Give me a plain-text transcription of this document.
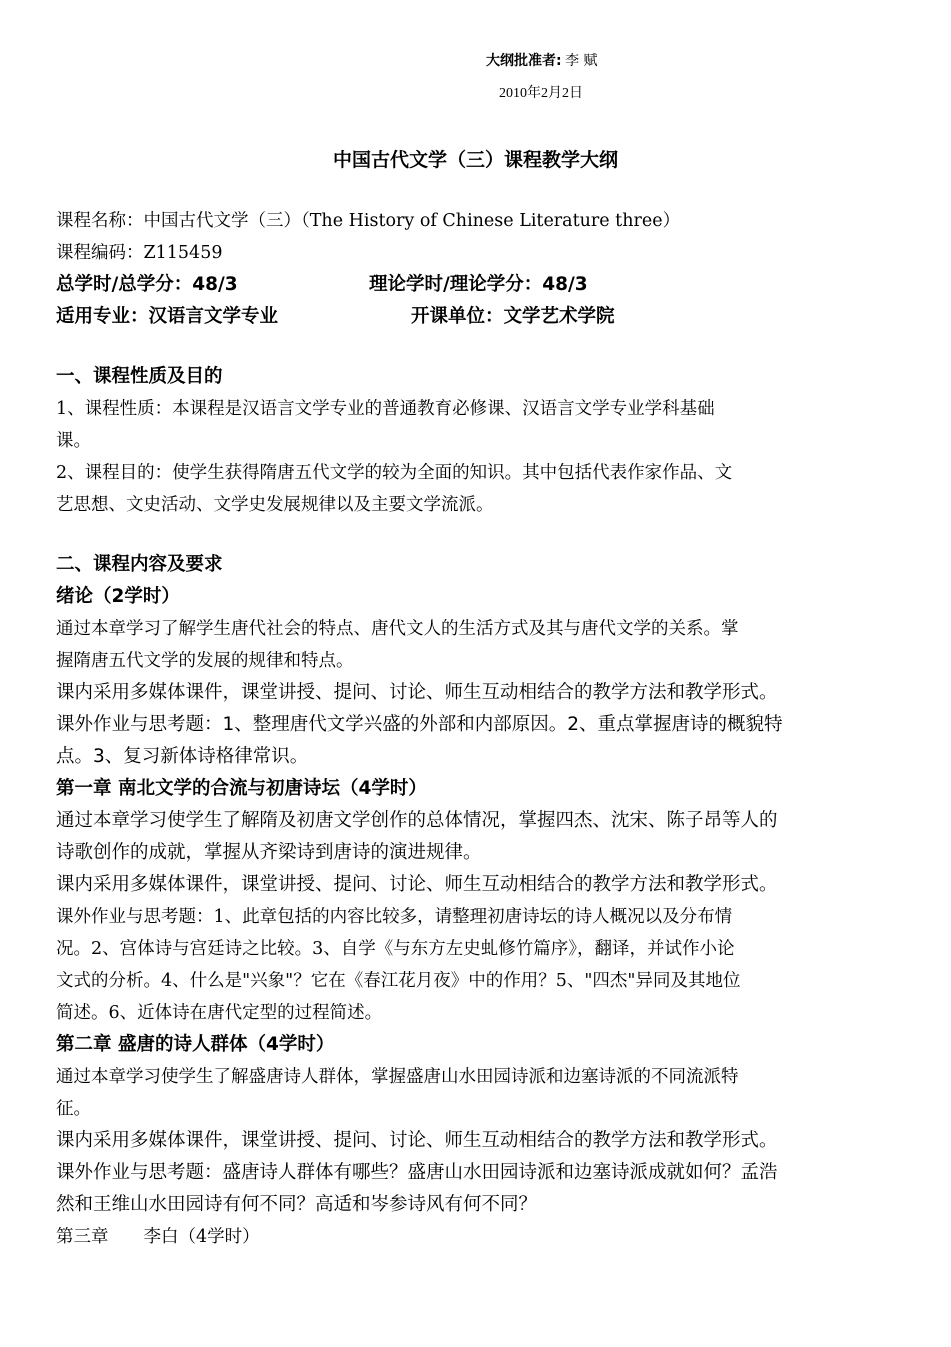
大纲批准者: 李 赋
2010年2月2日
中国古代文学（三）课程教学大纲
课程名称：中国古代文学（三）（The History of Chinese Literature three）
课程编码：Z115459
总学时/总学分：48/3	理论学时/理论学分：48/3
适用专业：汉语言文学专业	开课单位：文学艺术学院
一、课程性质及目的
1、课程性质：本课程是汉语言文学专业的普通教育必修课、汉语言文学专业学科基础
课。
2、课程目的：使学生获得隋唐五代文学的较为全面的知识。其中包括代表作家作品、文
艺思想、文史活动、文学史发展规律以及主要文学流派。
二、课程内容及要求
绪论（2学时）
通过本章学习了解学生唐代社会的特点、唐代文人的生活方式及其与唐代文学的关系。掌
握隋唐五代文学的发展的规律和特点。
课内采用多媒体课件，课堂讲授、提问、讨论、师生互动相结合的教学方法和教学形式。
课外作业与思考题：1、整理唐代文学兴盛的外部和内部原因。2、重点掌握唐诗的概貌特
点。3、复习新体诗格律常识。
第一章 南北文学的合流与初唐诗坛（4学时）
通过本章学习使学生了解隋及初唐文学创作的总体情况，掌握四杰、沈宋、陈子昂等人的
诗歌创作的成就，掌握从齐梁诗到唐诗的演进规律。
课内采用多媒体课件，课堂讲授、提问、讨论、师生互动相结合的教学方法和教学形式。
课外作业与思考题：1、此章包括的内容比较多，请整理初唐诗坛的诗人概况以及分布情
况。2、宫体诗与宫廷诗之比较。3、自学《与东方左史虬修竹篇序》，翻译，并试作小论
文式的分析。4、什么是"兴象"？它在《春江花月夜》中的作用？5、"四杰"异同及其地位
简述。6、近体诗在唐代定型的过程简述。
第二章 盛唐的诗人群体（4学时）
通过本章学习使学生了解盛唐诗人群体，掌握盛唐山水田园诗派和边塞诗派的不同流派特
征。
课内采用多媒体课件，课堂讲授、提问、讨论、师生互动相结合的教学方法和教学形式。
课外作业与思考题：盛唐诗人群体有哪些？盛唐山水田园诗派和边塞诗派成就如何？孟浩
然和王维山水田园诗有何不同？高适和岑参诗风有何不同？
第三章　　李白（4学时）
